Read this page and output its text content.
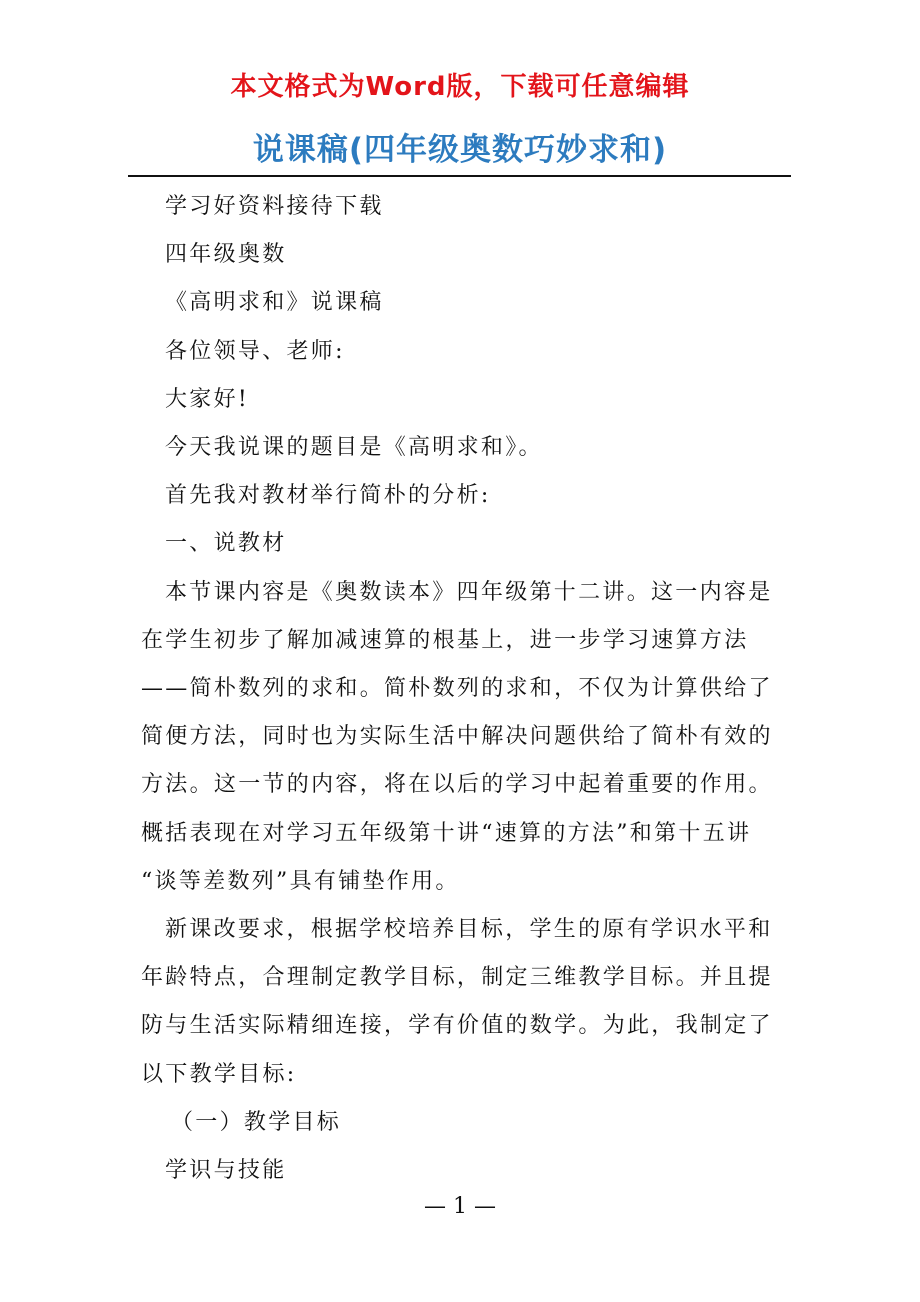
本文格式为Word版，下载可任意编辑
说课稿(四年级奥数巧妙求和)

学习好资料接待下载

四年级奥数

《高明求和》说课稿

各位领导、老师:

大家好!

今天我说课的题目是《高明求和》。

首先我对教材举行简朴的分析:

一、说教材

本节课内容是《奥数读本》四年级第十二讲。这一内容是

在学生初步了解加减速算的根基上，进一步学习速算方法

——简朴数列的求和。简朴数列的求和，不仅为计算供给了

简便方法，同时也为实际生活中解决问题供给了简朴有效的

方法。这一节的内容，将在以后的学习中起着重要的作用。

概括表现在对学习五年级第十讲“速算的方法”和第十五讲

“谈等差数列”具有铺垫作用。

新课改要求，根据学校培养目标，学生的原有学识水平和

年龄特点，合理制定教学目标，制定三维教学目标。并且提

防与生活实际精细连接，学有价值的数学。为此，我制定了

以下教学目标:

（一）教学目标

学识与技能

— 1 —
